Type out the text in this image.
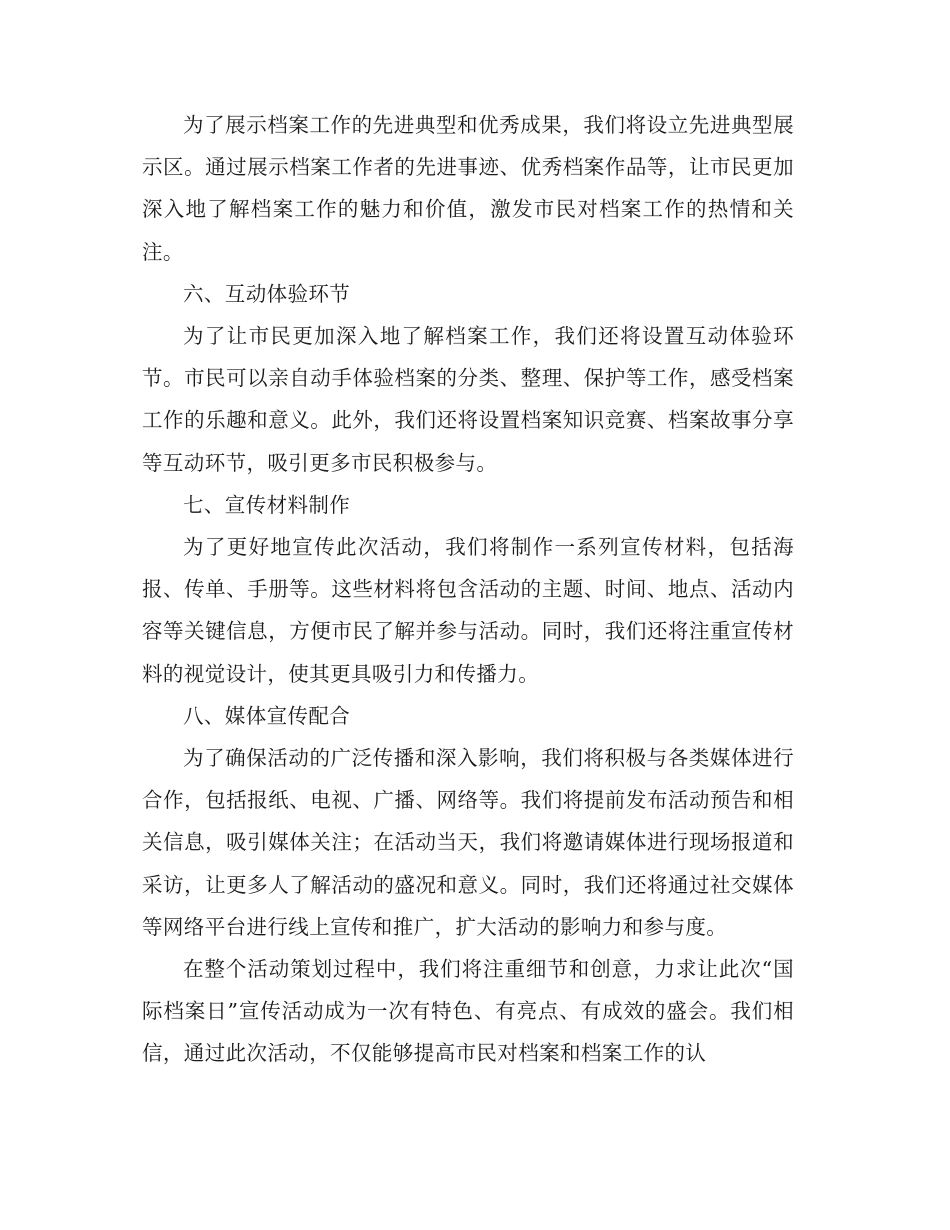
为了展示档案工作的先进典型和优秀成果，我们将设立先进典型展示区。通过展示档案工作者的先进事迹、优秀档案作品等，让市民更加深入地了解档案工作的魅力和价值，激发市民对档案工作的热情和关注。

六、互动体验环节

为了让市民更加深入地了解档案工作，我们还将设置互动体验环节。市民可以亲自动手体验档案的分类、整理、保护等工作，感受档案工作的乐趣和意义。此外，我们还将设置档案知识竞赛、档案故事分享等互动环节，吸引更多市民积极参与。

七、宣传材料制作

为了更好地宣传此次活动，我们将制作一系列宣传材料，包括海报、传单、手册等。这些材料将包含活动的主题、时间、地点、活动内容等关键信息，方便市民了解并参与活动。同时，我们还将注重宣传材料的视觉设计，使其更具吸引力和传播力。

八、媒体宣传配合

为了确保活动的广泛传播和深入影响，我们将积极与各类媒体进行合作，包括报纸、电视、广播、网络等。我们将提前发布活动预告和相关信息，吸引媒体关注；在活动当天，我们将邀请媒体进行现场报道和采访，让更多人了解活动的盛况和意义。同时，我们还将通过社交媒体等网络平台进行线上宣传和推广，扩大活动的影响力和参与度。

在整个活动策划过程中，我们将注重细节和创意，力求让此次“国际档案日”宣传活动成为一次有特色、有亮点、有成效的盛会。我们相信，通过此次活动，不仅能够提高市民对档案和档案工作的认
